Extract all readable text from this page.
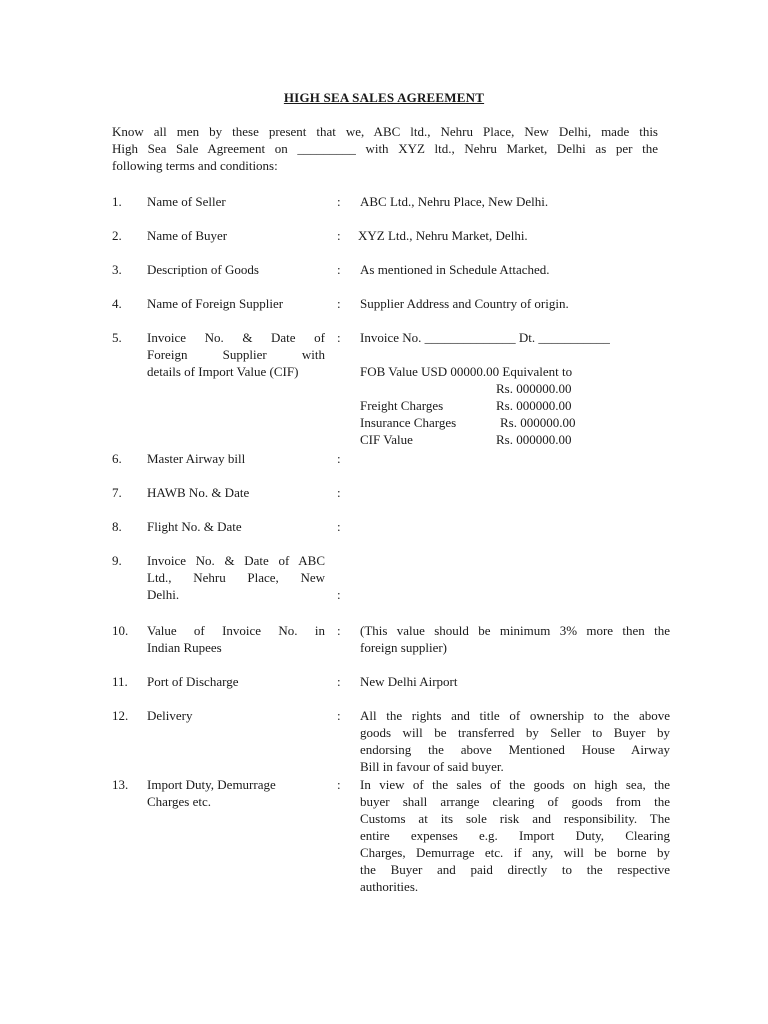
HIGH SEA SALES AGREEMENT
Know all men by these present that we, ABC ltd., Nehru Place, New Delhi, made this
High Sea Sale Agreement on _________ with XYZ ltd., Nehru Market, Delhi as per the
following terms and conditions:
1. Name of Seller	: ABC Ltd., Nehru Place, New Delhi.
2. Name of Buyer	: XYZ Ltd., Nehru Market, Delhi.
3. Description of Goods	: As mentioned in Schedule Attached.
4. Name of Foreign Supplier	: Supplier Address and Country of origin.
5. Invoice No. & Date of
Foreign Supplier with
details of Import Value (CIF)
: Invoice No. ______________ Dt. ___________
FOB Value USD 00000.00 Equivalent to
Rs. 000000.00
Freight Charges	Rs. 000000.00
Insurance Charges	Rs. 000000.00
CIF Value	Rs. 000000.00
6. Master Airway bill	:
7. HAWB No. & Date	:
8. Flight No. & Date	:
9. Invoice No. & Date of ABC
Ltd., Nehru Place, New
Delhi.	:
10. Value of Invoice No. in
Indian Rupees
: (This value should be minimum 3% more then the
foreign supplier)
11. Port of Discharge	: New Delhi Airport
12. Delivery	: All the rights and title of ownership to the above
goods will be transferred by Seller to Buyer by
endorsing the above Mentioned House Airway
Bill in favour of said buyer.
13. Import Duty, Demurrage
Charges etc.
: In view of the sales of the goods on high sea, the
buyer shall arrange clearing of goods from the
Customs at its sole risk and responsibility. The
entire expenses e.g. Import Duty, Clearing
Charges, Demurrage etc. if any, will be borne by
the Buyer and paid directly to the respective
authorities.
